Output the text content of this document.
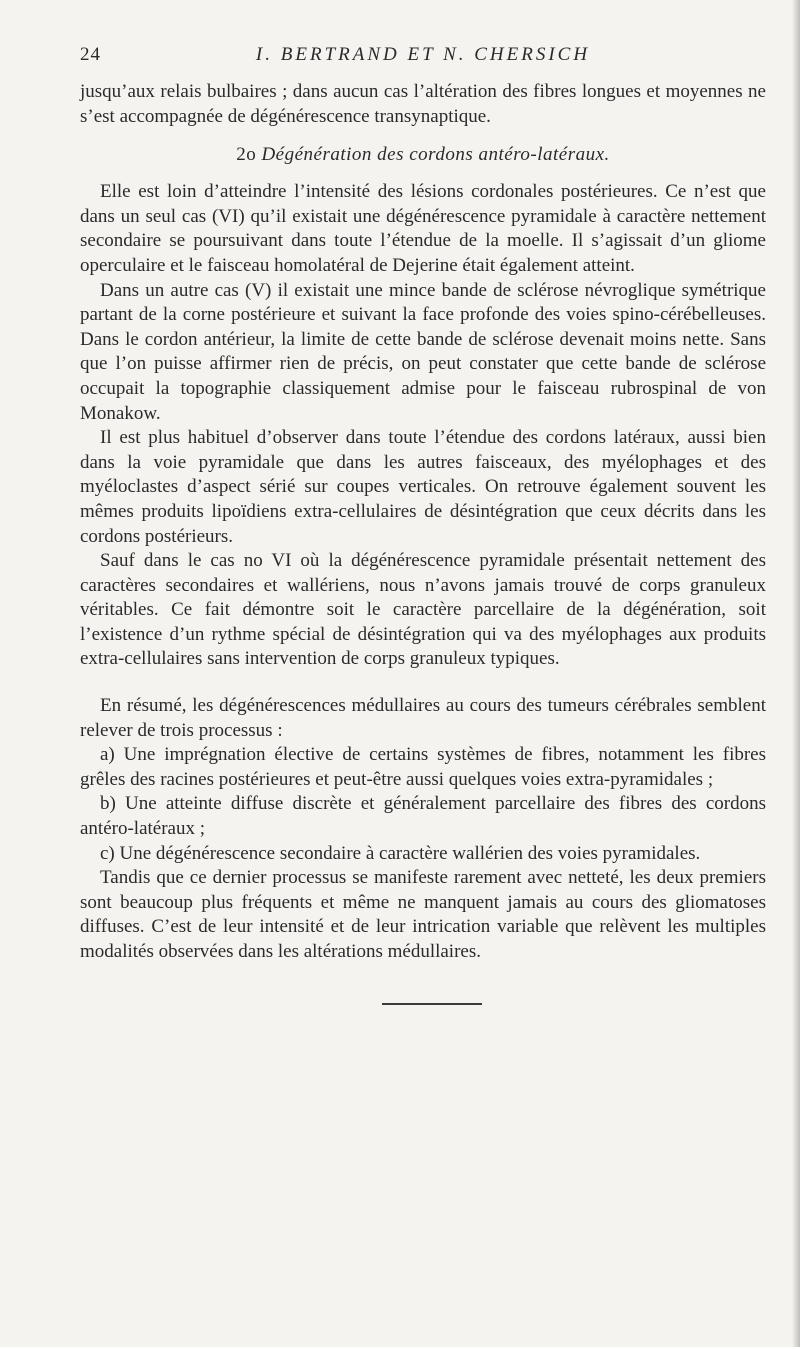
24	I. BERTRAND ET N. CHERSICH

jusqu’aux relais bulbaires ; dans aucun cas l’altération des fibres longues et moyennes ne s’est accompagnée de dégénérescence transynaptique.

2o Dégénération des cordons antéro-latéraux.

Elle est loin d’atteindre l’intensité des lésions cordonales postérieures. Ce n’est que dans un seul cas (VI) qu’il existait une dégénérescence pyramidale à caractère nettement secondaire se poursuivant dans toute l’étendue de la moelle. Il s’agissait d’un gliome operculaire et le faisceau homolatéral de Dejerine était également atteint.

Dans un autre cas (V) il existait une mince bande de sclérose névroglique symétrique partant de la corne postérieure et suivant la face profonde des voies spino-cérébelleuses. Dans le cordon antérieur, la limite de cette bande de sclérose devenait moins nette. Sans que l’on puisse affirmer rien de précis, on peut constater que cette bande de sclérose occupait la topographie classiquement admise pour le faisceau rubrospinal de von Monakow.

Il est plus habituel d’observer dans toute l’étendue des cordons latéraux, aussi bien dans la voie pyramidale que dans les autres faisceaux, des myélophages et des myéloclastes d’aspect sérié sur coupes verticales. On retrouve également souvent les mêmes produits lipoïdiens extra-cellulaires de désintégration que ceux décrits dans les cordons postérieurs.

Sauf dans le cas no VI où la dégénérescence pyramidale présentait nettement des caractères secondaires et wallériens, nous n’avons jamais trouvé de corps granuleux véritables. Ce fait démontre soit le caractère parcellaire de la dégénération, soit l’existence d’un rythme spécial de désintégration qui va des myélophages aux produits extra-cellulaires sans intervention de corps granuleux typiques.

En résumé, les dégénérescences médullaires au cours des tumeurs cérébrales semblent relever de trois processus :

a) Une imprégnation élective de certains systèmes de fibres, notamment les fibres grêles des racines postérieures et peut-être aussi quelques voies extra-pyramidales ;

b) Une atteinte diffuse discrète et généralement parcellaire des fibres des cordons antéro-latéraux ;

c) Une dégénérescence secondaire à caractère wallérien des voies pyramidales.

Tandis que ce dernier processus se manifeste rarement avec netteté, les deux premiers sont beaucoup plus fréquents et même ne manquent jamais au cours des gliomatoses diffuses. C’est de leur intensité et de leur intrication variable que relèvent les multiples modalités observées dans les altérations médullaires.
